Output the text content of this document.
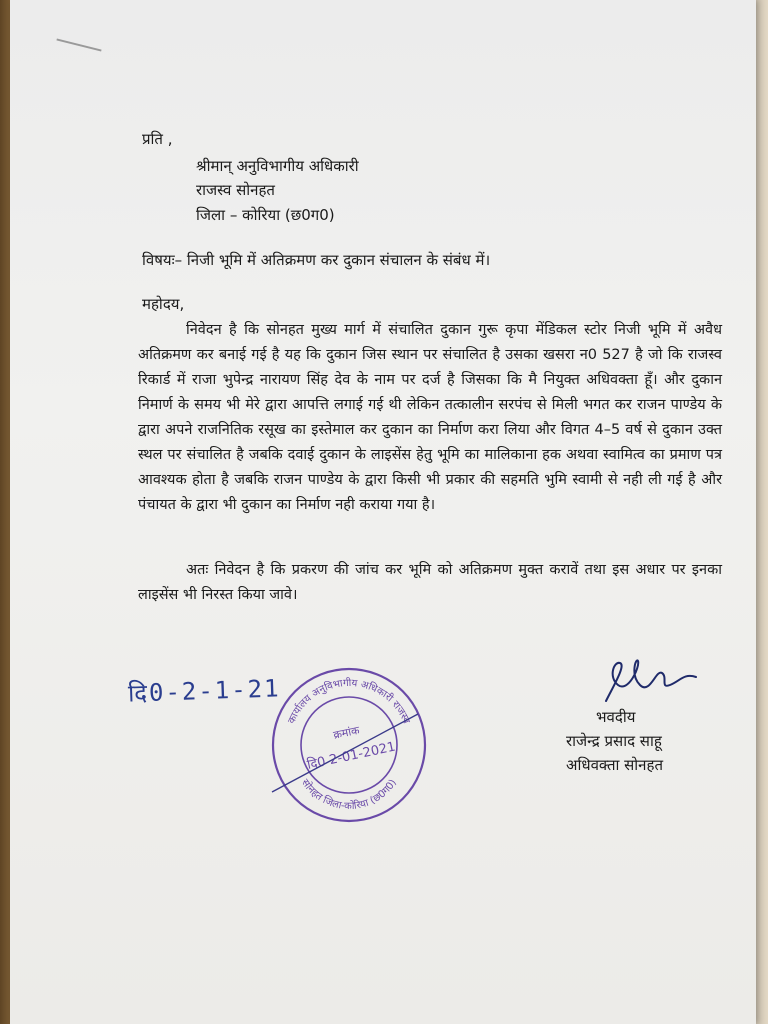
प्रति ,
श्रीमान् अनुविभागीय अधिकारी
राजस्व सोनहत
जिला – कोरिया (छ0ग0)
विषयः– निजी भूमि में अतिक्रमण कर दुकान संचालन के संबंध में।
महोदय,
निवेदन है कि सोनहत मुख्य मार्ग में संचालित दुकान गुरू कृपा मेंडिकल स्टोर निजी भूमि में अवैध अतिक्रमण कर बनाई गई है यह कि दुकान जिस स्थान पर संचालित है उसका खसरा न0 527 है जो कि राजस्व रिकार्ड में राजा भुपेन्द्र नारायण सिंह देव के नाम पर दर्ज है जिसका कि मै नियुक्त अधिवक्ता हूँ। और दुकान निमार्ण के समय भी मेरे द्वारा आपत्ति लगाई गई थी लेकिन तत्कालीन सरपंच से मिली भगत कर राजन पाण्डेय के द्वारा अपने राजनितिक रसूख का इस्तेमाल कर दुकान का निर्माण करा लिया और विगत 4–5 वर्ष से दुकान उक्त स्थल पर संचालित है जबकि दवाई दुकान के लाइसेंस हेतु भूमि का मालिकाना हक अथवा स्वामित्व का प्रमाण पत्र आवश्यक होता है जबकि राजन पाण्डेय के द्वारा किसी भी प्रकार की सहमति भुमि स्वामी से नही ली गई है और पंचायत के द्वारा भी दुकान का निर्माण नही कराया गया है।
अतः निवेदन है कि प्रकरण की जांच कर भूमि को अतिक्रमण मुक्त करावें तथा इस अधार पर इनका लाइसेंस भी निरस्त किया जावे।
दि0-2-1-21
कार्यालय अनुविभागीय अधिकारी राजस्व
सोनहत जिला-कोरिया (छ0ग0)
क्रमांक
दि0 2-01-2021
भवदीय
राजेन्द्र प्रसाद साहू
अधिवक्ता सोनहत
